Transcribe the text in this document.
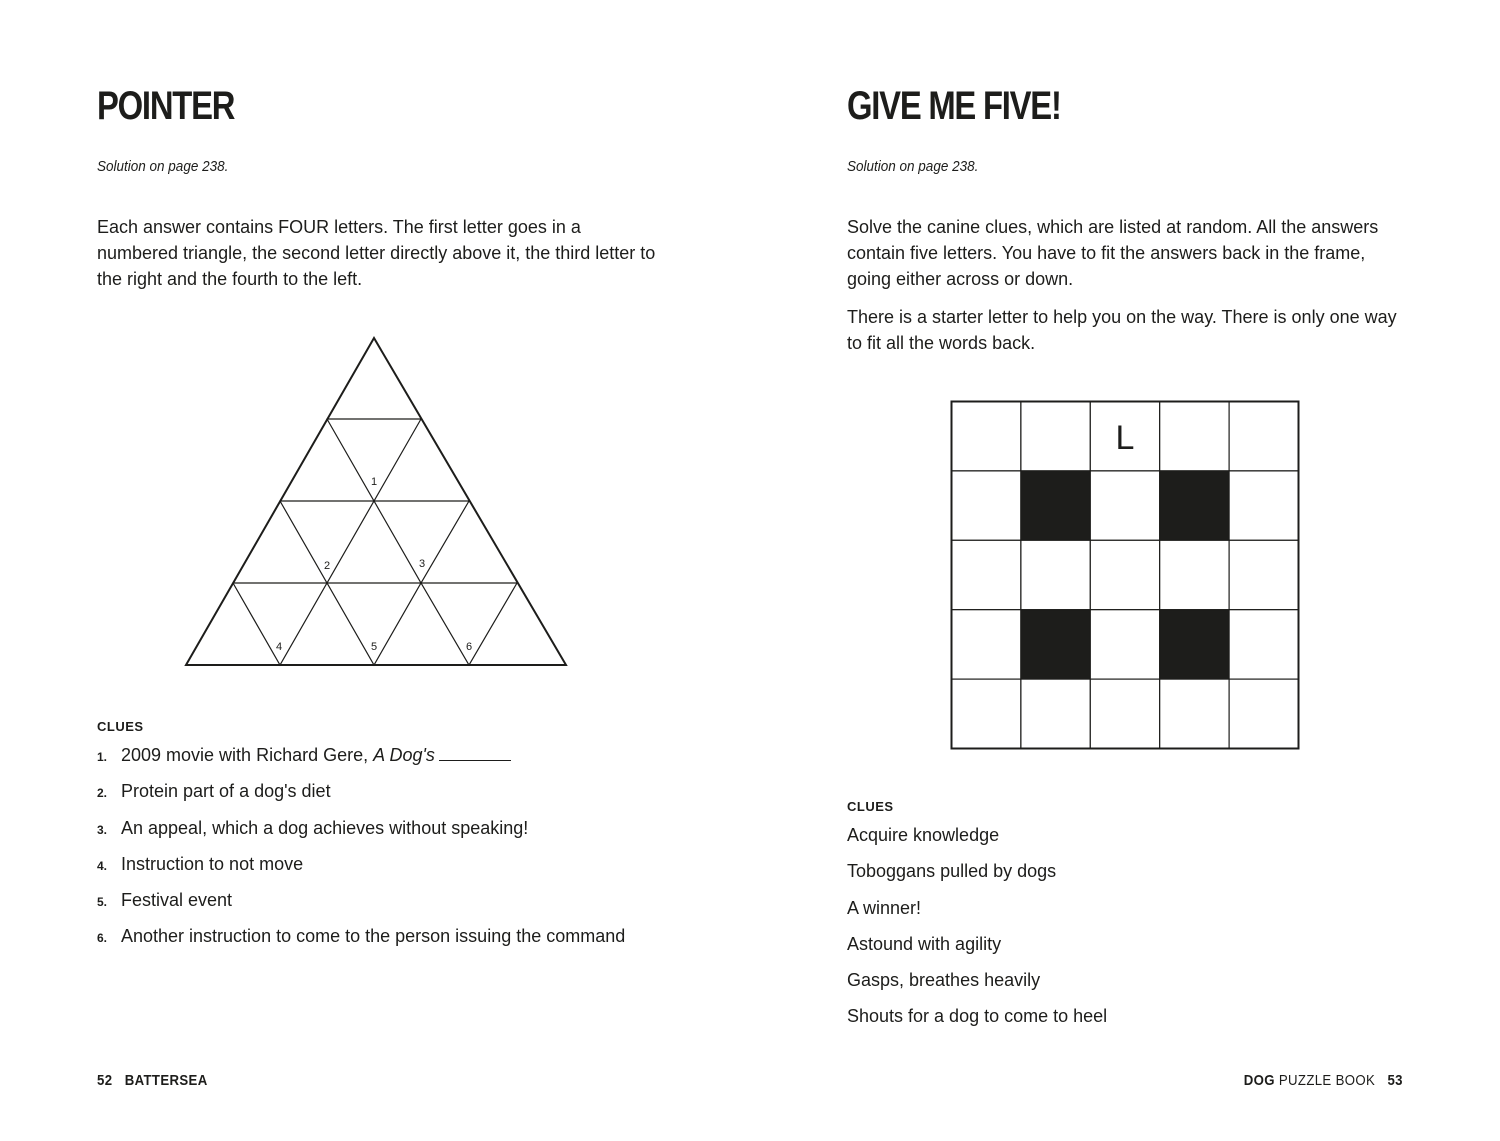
POINTER
Solution on page 238.

Each answer contains FOUR letters. The first letter goes in a numbered triangle, the second letter directly above it, the third letter to the right and the fourth to the left.

1
2	3
4	5	6
CLUES
1. 2009 movie with Richard Gere, A Dog's
2. Protein part of a dog's diet
3. An appeal, which a dog achieves without speaking!
4. Instruction to not move
5. Festival event
6. Another instruction to come to the person issuing the command
GIVE ME FIVE!
Solution on page 238.

Solve the canine clues, which are listed at random. All the answers contain five letters. You have to fit the answers back in the frame, going either across or down.

There is a starter letter to help you on the way. There is only one way to fit all the words back.

L
CLUES
Acquire knowledge
Toboggans pulled by dogs
A winner!
Astound with agility
Gasps, breathes heavily
Shouts for a dog to come to heel
52 BATTERSEA	DOG PUZZLE BOOK 53
